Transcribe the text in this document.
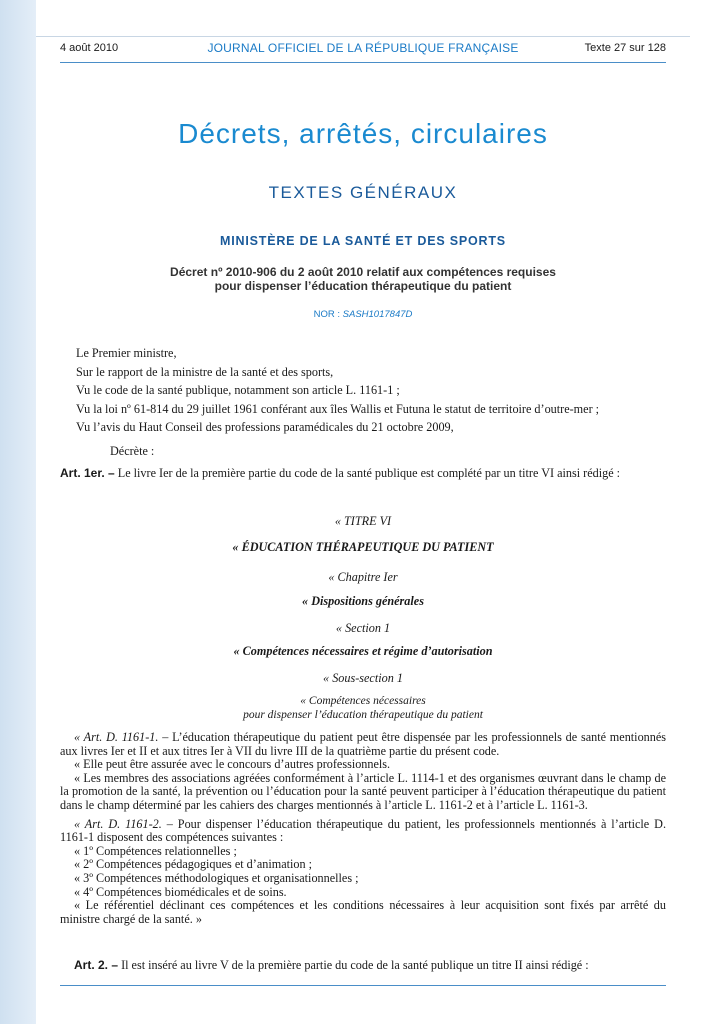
4 août 2010	JOURNAL OFFICIEL DE LA RÉPUBLIQUE FRANÇAISE	Texte 27 sur 128
Décrets, arrêtés, circulaires
TEXTES GÉNÉRAUX
MINISTÈRE DE LA SANTÉ ET DES SPORTS
Décret nº 2010-906 du 2 août 2010 relatif aux compétences requises
pour dispenser l’éducation thérapeutique du patient
NOR : SASH1017847D
Le Premier ministre,
Sur le rapport de la ministre de la santé et des sports,
Vu le code de la santé publique, notamment son article L. 1161-1 ;
Vu la loi nº 61-814 du 29 juillet 1961 conférant aux îles Wallis et Futuna le statut de territoire d’outre-mer ;
Vu l’avis du Haut Conseil des professions paramédicales du 21 octobre 2009,
Décrète :
Art. 1er. – Le livre Ier de la première partie du code de la santé publique est complété par un titre VI ainsi rédigé :
« TITRE VI
« ÉDUCATION THÉRAPEUTIQUE DU PATIENT
« Chapitre Ier
« Dispositions générales
« Section 1
« Compétences nécessaires et régime d’autorisation
« Sous-section 1
« Compétences nécessaires
pour dispenser l’éducation thérapeutique du patient

« Art. D. 1161-1. – L’éducation thérapeutique du patient peut être dispensée par les professionnels de santé mentionnés aux livres Ier et II et aux titres Ier à VII du livre III de la quatrième partie du présent code.

« Elle peut être assurée avec le concours d’autres professionnels.

« Les membres des associations agréées conformément à l’article L. 1114-1 et des organismes œuvrant dans le champ de la promotion de la santé, la prévention ou l’éducation pour la santé peuvent participer à l’éducation thérapeutique du patient dans le champ déterminé par les cahiers des charges mentionnés à l’article L. 1161-2 et à l’article L. 1161-3.

« Art. D. 1161-2. – Pour dispenser l’éducation thérapeutique du patient, les professionnels mentionnés à l’article D. 1161-1 disposent des compétences suivantes :

« 1º Compétences relationnelles ;

« 2º Compétences pédagogiques et d’animation ;

« 3º Compétences méthodologiques et organisationnelles ;

« 4º Compétences biomédicales et de soins.

« Le référentiel déclinant ces compétences et les conditions nécessaires à leur acquisition sont fixés par arrêté du ministre chargé de la santé. »

Art. 2. – Il est inséré au livre V de la première partie du code de la santé publique un titre II ainsi rédigé :
